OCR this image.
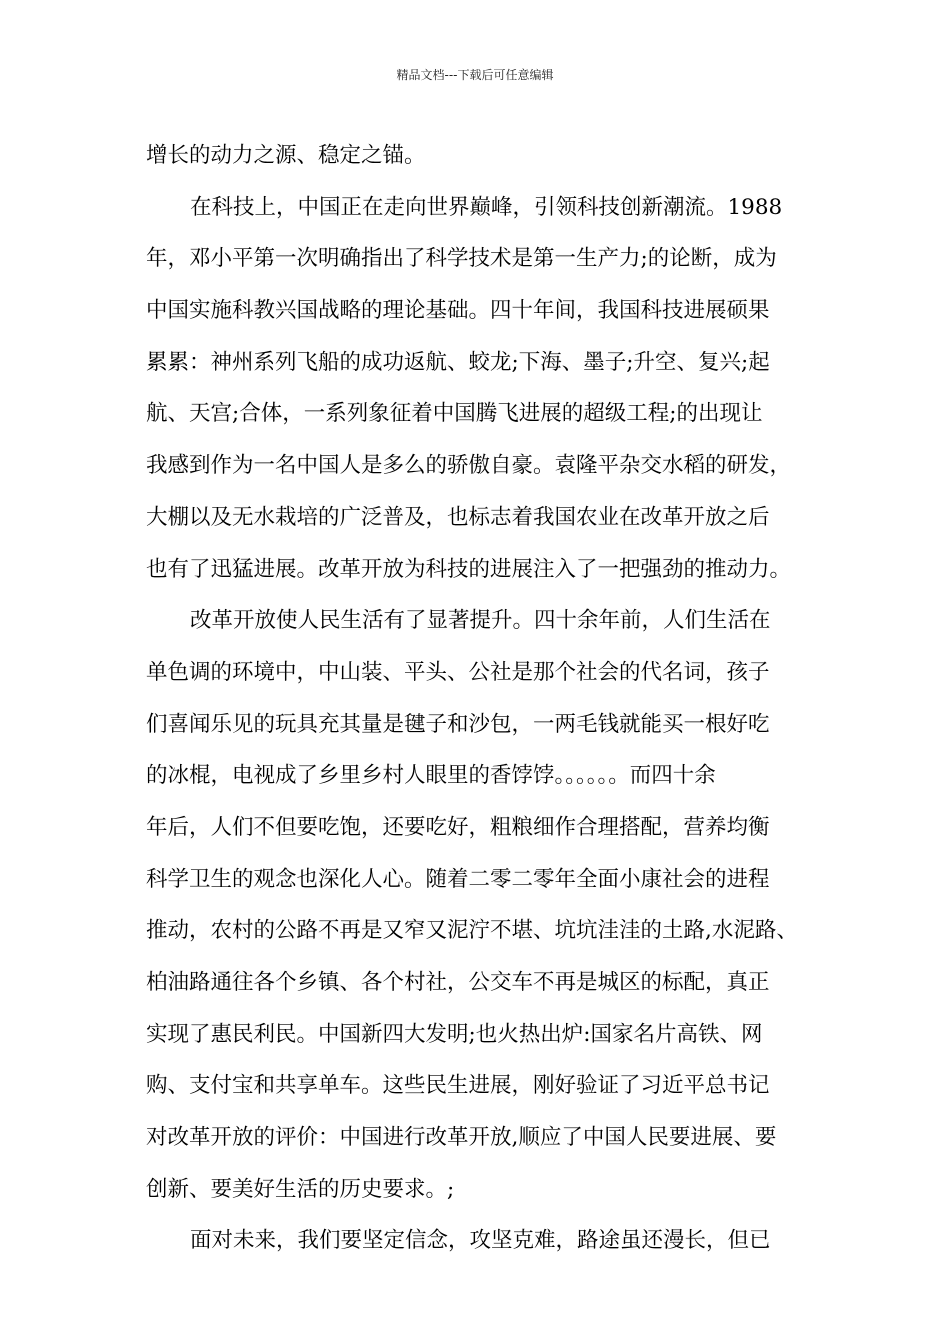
精品文档---下载后可任意编辑
增长的动力之源、稳定之锚。
在科技上，中国正在走向世界巅峰，引领科技创新潮流。1988
年，邓小平第一次明确指出了科学技术是第一生产力;的论断，成为
中国实施科教兴国战略的理论基础。四十年间，我国科技进展硕果
累累：神州系列飞船的成功返航、蛟龙;下海、墨子;升空、复兴;起
航、天宫;合体，一系列象征着中国腾飞进展的超级工程;的出现让
我感到作为一名中国人是多么的骄傲自豪。袁隆平杂交水稻的研发，
大棚以及无水栽培的广泛普及，也标志着我国农业在改革开放之后
也有了迅猛进展。改革开放为科技的进展注入了一把强劲的推动力。
改革开放使人民生活有了显著提升。四十余年前，人们生活在
单色调的环境中，中山装、平头、公社是那个社会的代名词，孩子
们喜闻乐见的玩具充其量是毽子和沙包，一两毛钱就能买一根好吃
的冰棍，电视成了乡里乡村人眼里的香饽饽。。。。。。而四十余
年后，人们不但要吃饱，还要吃好，粗粮细作合理搭配，营养均衡
科学卫生的观念也深化人心。随着二零二零年全面小康社会的进程
推动，农村的公路不再是又窄又泥泞不堪、坑坑洼洼的土路,水泥路、
柏油路通往各个乡镇、各个村社，公交车不再是城区的标配，真正
实现了惠民利民。中国新四大发明;也火热出炉:国家名片高铁、网
购、支付宝和共享单车。这些民生进展，刚好验证了习近平总书记
对改革开放的评价：中国进行改革开放,顺应了中国人民要进展、要
创新、要美好生活的历史要求。;
面对未来，我们要坚定信念，攻坚克难，路途虽还漫长，但已
